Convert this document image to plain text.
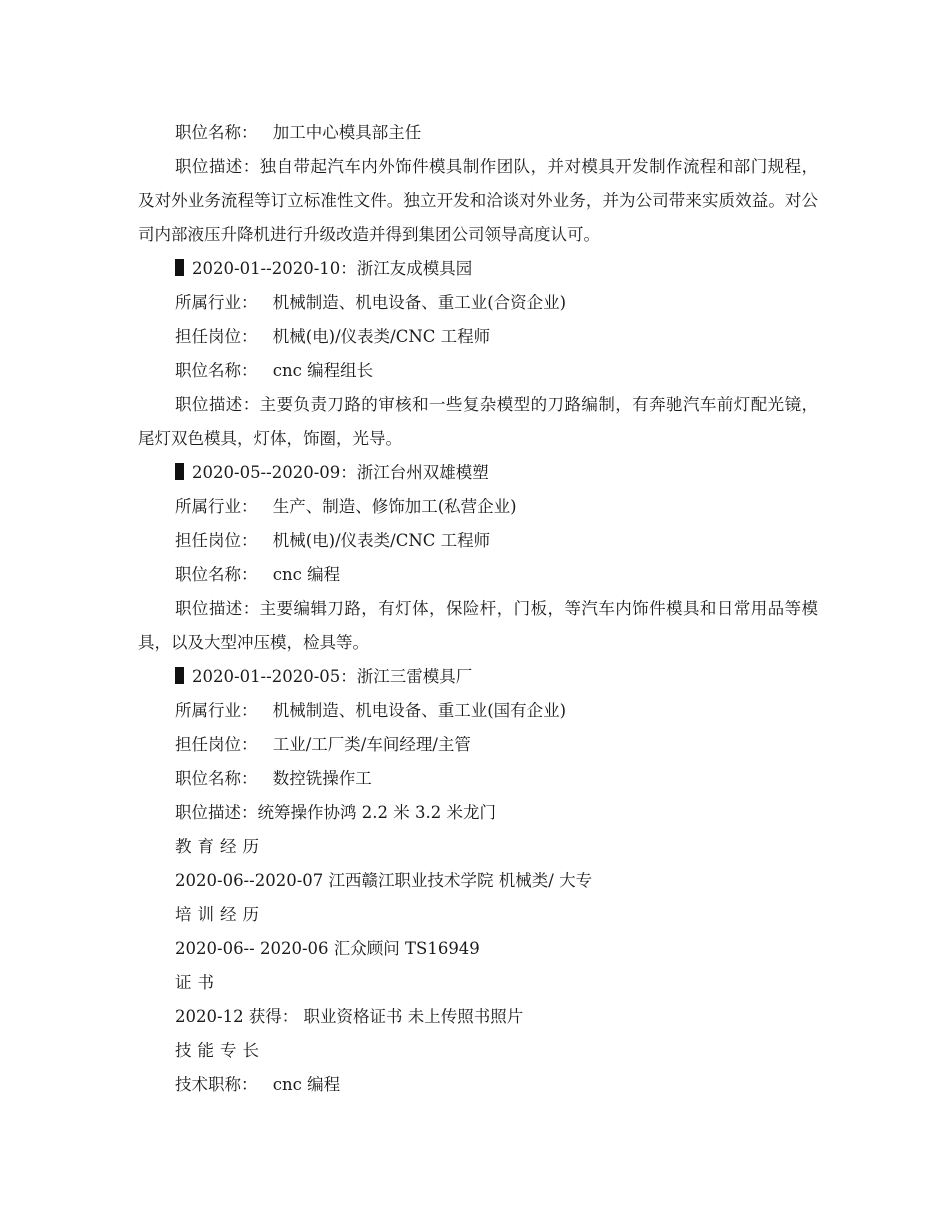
职位名称： 加工中心模具部主任
职位描述：独自带起汽车内外饰件模具制作团队，并对模具开发制作流程和部门规程，及对外业务流程等订立标准性文件。独立开发和洽谈对外业务，并为公司带来实质效益。对公司内部液压升降机进行升级改造并得到集团公司领导高度认可。
2020-01--2020-10：浙江友成模具园
所属行业： 机械制造、机电设备、重工业(合资企业)
担任岗位： 机械(电)/仪表类/CNC 工程师
职位名称： cnc 编程组长
职位描述：主要负责刀路的审核和一些复杂模型的刀路编制，有奔驰汽车前灯配光镜，尾灯双色模具，灯体，饰圈，光导。
2020-05--2020-09：浙江台州双雄模塑
所属行业： 生产、制造、修饰加工(私营企业)
担任岗位： 机械(电)/仪表类/CNC 工程师
职位名称： cnc 编程
职位描述：主要编辑刀路，有灯体，保险杆，门板，等汽车内饰件模具和日常用品等模具，以及大型冲压模，检具等。
2020-01--2020-05：浙江三雷模具厂
所属行业： 机械制造、机电设备、重工业(国有企业)
担任岗位： 工业/工厂类/车间经理/主管
职位名称： 数控铣操作工
职位描述：统筹操作协鸿 2.2 米 3.2 米龙门
教育经历
2020-06--2020-07 江西赣江职业技术学院 机械类/ 大专
培训经历
2020-06-- 2020-06 汇众顾问 TS16949
证书
2020-12 获得： 职业资格证书 未上传照书照片
技能专长
技术职称： cnc 编程
